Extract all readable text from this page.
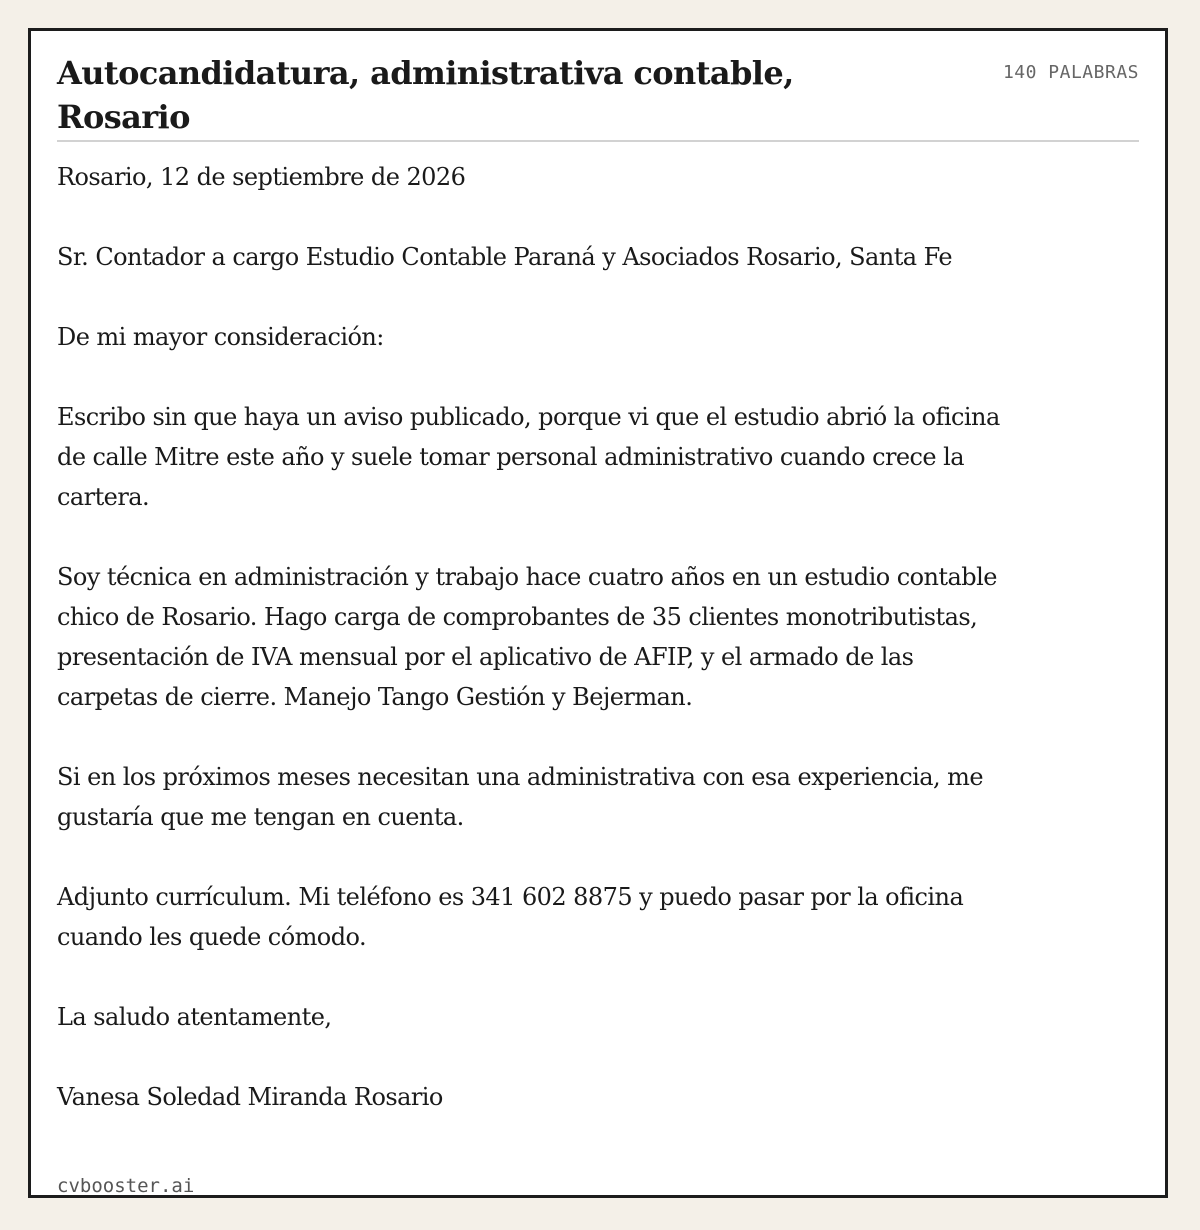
Autocandidatura, administrativa contable, Rosario
140 PALABRAS

Rosario, 12 de septiembre de 2026

Sr. Contador a cargo Estudio Contable Paraná y Asociados Rosario, Santa Fe

De mi mayor consideración:

Escribo sin que haya un aviso publicado, porque vi que el estudio abrió la oficina de calle Mitre este año y suele tomar personal administrativo cuando crece la cartera.

Soy técnica en administración y trabajo hace cuatro años en un estudio contable chico de Rosario. Hago carga de comprobantes de 35 clientes monotributistas, presentación de IVA mensual por el aplicativo de AFIP, y el armado de las carpetas de cierre. Manejo Tango Gestión y Bejerman.

Si en los próximos meses necesitan una administrativa con esa experiencia, me gustaría que me tengan en cuenta.

Adjunto currículum. Mi teléfono es 341 602 8875 y puedo pasar por la oficina cuando les quede cómodo.

La saludo atentamente,

Vanesa Soledad Miranda Rosario

cvbooster.ai
